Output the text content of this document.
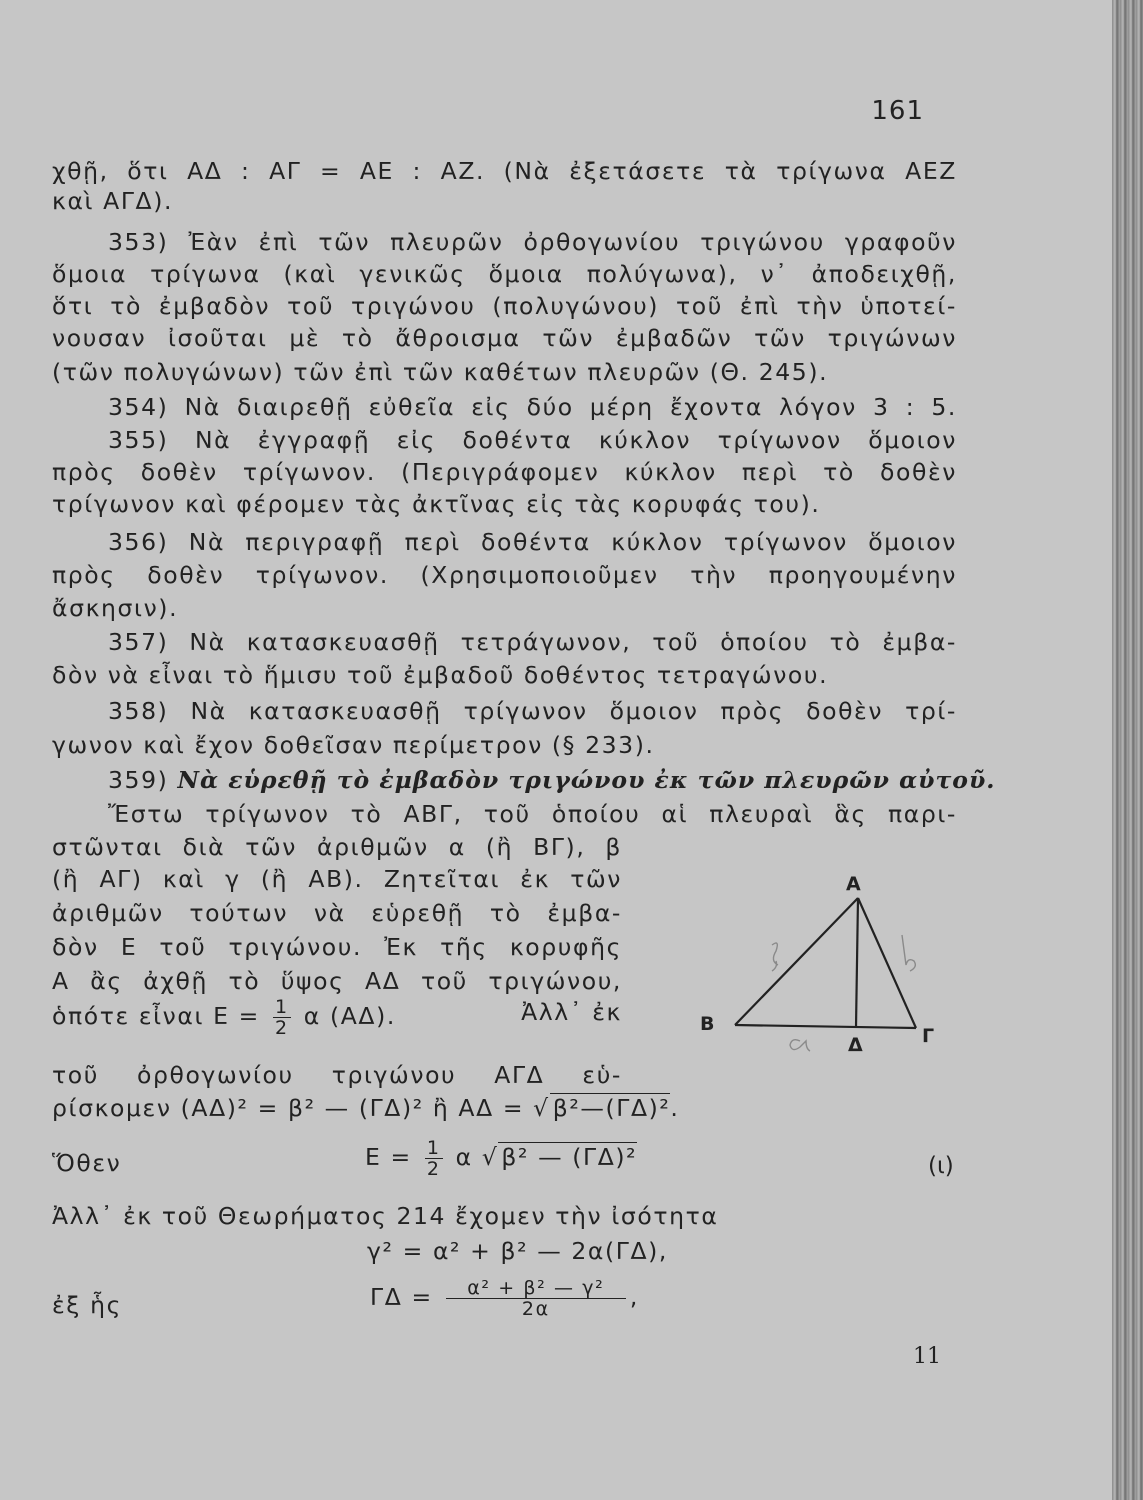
161
χθῇ, ὅτι ΑΔ : ΑΓ = ΑΕ : ΑΖ. (Νὰ ἐξετάσετε τὰ τρίγωνα ΑΕΖ
καὶ ΑΓΔ).
353) Ἐὰν ἐπὶ τῶν πλευρῶν ὀρθογωνίου τριγώνου γραφοῦν
ὅμοια τρίγωνα (καὶ γενικῶς ὅμοια πολύγωνα), ν᾽ ἀποδειχθῇ,
ὅτι τὸ ἐμβαδὸν τοῦ τριγώνου (πολυγώνου) τοῦ ἐπὶ τὴν ὑποτεί-
νουσαν ἰσοῦται μὲ τὸ ἄθροισμα τῶν ἐμβαδῶν τῶν τριγώνων
(τῶν πολυγώνων) τῶν ἐπὶ τῶν καθέτων πλευρῶν (Θ. 245).
354) Νὰ διαιρεθῇ εὐθεῖα εἰς δύο μέρη ἔχοντα λόγον 3 : 5.
355) Νὰ ἐγγραφῇ εἰς δοθέντα κύκλον τρίγωνον ὅμοιον
πρὸς δοθὲν τρίγωνον. (Περιγράφομεν κύκλον περὶ τὸ δοθὲν
τρίγωνον καὶ φέρομεν τὰς ἀκτῖνας εἰς τὰς κορυφάς του).
356) Νὰ περιγραφῇ περὶ δοθέντα κύκλον τρίγωνον ὅμοιον
πρὸς δοθὲν τρίγωνον. (Χρησιμοποιοῦμεν τὴν προηγουμένην
ἄσκησιν).
357) Νὰ κατασκευασθῇ τετράγωνον, τοῦ ὁποίου τὸ ἐμβα-
δὸν νὰ εἶναι τὸ ἥμισυ τοῦ ἐμβαδοῦ δοθέντος τετραγώνου.
358) Νὰ κατασκευασθῇ τρίγωνον ὅμοιον πρὸς δοθὲν τρί-
γωνον καὶ ἔχον δοθεῖσαν περίμετρον (§ 233).
359) Νὰ εὑρεθῇ τὸ ἐμβαδὸν τριγώνου ἐκ τῶν πλευρῶν αὐτοῦ.
Ἔστω τρίγωνον τὸ ΑΒΓ, τοῦ ὁποίου αἱ πλευραὶ ἃς παρι-
στῶνται διὰ τῶν ἀριθμῶν α (ἢ ΒΓ), β
(ἢ ΑΓ) καὶ γ (ἢ ΑΒ). Ζητεῖται ἐκ τῶν
ἀριθμῶν τούτων νὰ εὑρεθῇ τὸ ἐμβα-
δὸν Ε τοῦ τριγώνου. Ἐκ τῆς κορυφῆς
Α ἂς ἀχθῇ τὸ ὕψος ΑΔ τοῦ τριγώνου,
ὁπότε εἶναι $E = \frac{1}{2}$ α (ΑΔ).	Ἀλλ᾽ ἐκ
τοῦ ὀρθογωνίου τριγώνου ΑΓΔ εὑ-
ρίσκομεν (ΑΔ)² = β² — (ΓΔ)² ἢ ΑΔ = √ β²—(ΓΔ)².
Ὅθεν	$E = \frac{1}{2}$ α √ β² — (ΓΔ)²
Ἀλλ᾽ ἐκ τοῦ Θεωρήματος 214 ἔχομεν τὴν ἰσότητα
γ² = α² + β² — 2α(ΓΔ),
ἐξ ἧς	$\Gamma\Delta = \frac{\text{α² + β² — γ²}}{2\alpha}$ ,
(ι)
Α
Β
Γ
Δ
11
